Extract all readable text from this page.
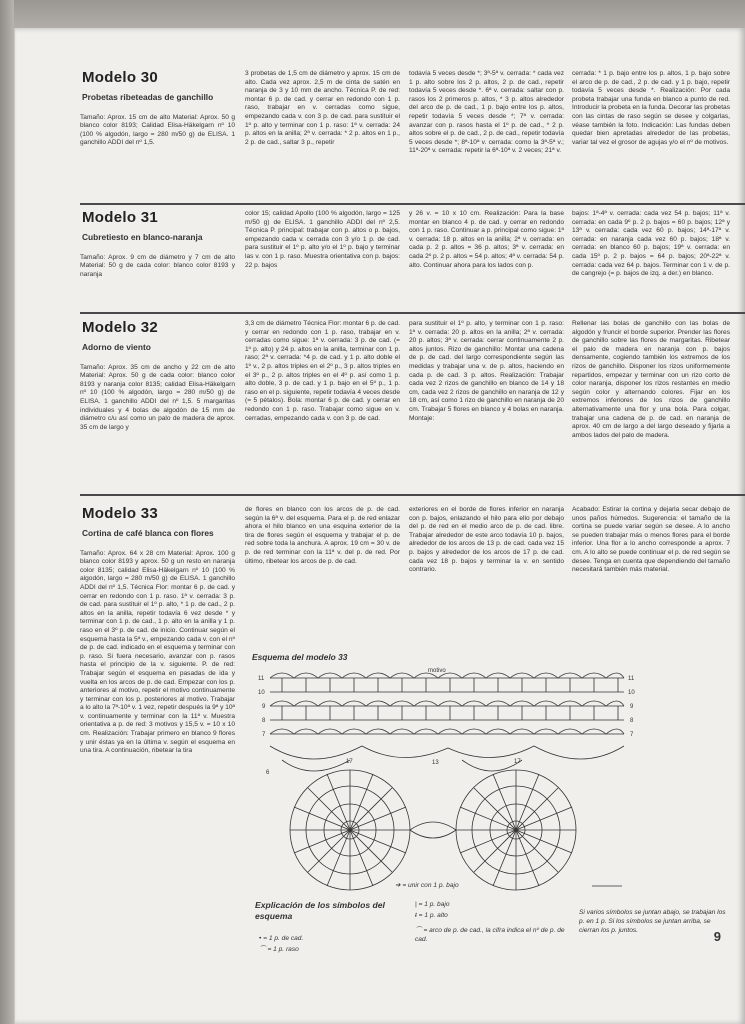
Modelo 30
Probetas ribeteadas de ganchillo

Tamaño: Aprox. 15 cm de alto Material: Aprox. 50 g blanco color 8193; Calidad Elisa-Häkelgarn nº 10 (100 % algodón, largo = 280 m/50 g) de ELISA. 1 ganchillo ADDI del nº 1,5.

3 probetas de 1,5 cm de diámetro y aprox. 15 cm de alto. Cada vez aprox. 2,5 m de cinta de satén en naranja de 3 y 10 mm de ancho. Técnica P. de red: montar 6 p. de cad. y cerrar en redondo con 1 p. raso, trabajar en v. cerradas como sigue, empezando cada v. con 3 p. de cad. para sustituir el 1º p. alto y terminar con 1 p. raso: 1ª v. cerrada: 24 p. altos en la anilla; 2ª v. cerrada: * 2 p. altos en 1 p., 2 p. de cad., saltar 3 p., repetir

todavía 5 veces desde *; 3ª-5ª v. cerrada: * cada vez 1 p. alto sobre los 2 p. altos, 2 p. de cad., repetir todavía 5 veces desde *. 6ª v. cerrada: saltar con p. rasos los 2 primeros p. altos, * 3 p. altos alrededor del arco de p. de cad., 1 p. bajo entre los p. altos, repetir todavía 5 veces desde *; 7ª v. cerrada: avanzar con p. rasos hasta el 1º p. de cad., * 2 p. altos sobre el p. de cad., 2 p. de cad., repetir todavía 5 veces desde *; 8ª-10ª v. cerrada: como la 3ª-5ª v.; 11ª-20ª v. cerrada: repetir la 6ª-10ª v. 2 veces; 21ª v.

cerrada: * 1 p. bajo entre los p. altos, 1 p. bajo sobre el arco de p. de cad., 2 p. de cad. y 1 p. bajo, repetir todavía 5 veces desde *. Realización: Por cada probeta trabajar una funda en blanco a punto de red. Introducir la probeta en la funda. Decorar las probetas con las cintas de raso según se desee y colgarlas, véase también la foto. Indicación: Las fundas deben quedar bien apretadas alrededor de las probetas, variar tal vez el grosor de agujas y/o el nº de motivos.

Modelo 31
Cubretiesto en blanco-naranja

Tamaño: Aprox. 9 cm de diámetro y 7 cm de alto Material: 50 g de cada color: blanco color 8193 y naranja

color 15; calidad Apollo (100 % algodón, largo = 125 m/50 g) de ELISA. 1 ganchillo ADDI del nº 2,5. Técnica P. principal: trabajar con p. altos o p. bajos, empezando cada v. cerrada con 3 y/o 1 p. de cad. para sustituir el 1º p. alto y/o el 1º p. bajo y terminar las v. con 1 p. raso. Muestra orientativa con p. bajos: 22 p. bajos

y 26 v. = 10 x 10 cm. Realización: Para la base montar en blanco 4 p. de cad. y cerrar en redondo con 1 p. raso. Continuar a p. principal como sigue: 1ª v. cerrada: 18 p. altos en la anilla; 2ª v. cerrada: en cada p. 2 p. altos = 36 p. altos; 3ª v. cerrada: en cada 2º p. 2 p. altos = 54 p. altos; 4ª v. cerrada: 54 p. alto. Continuar ahora para los lados con p.

bajos: 1ª-4ª v. cerrada: cada vez 54 p. bajos; 11ª v. cerrada: en cada 9º p. 2 p. bajos = 60 p. bajos; 12ª y 13ª v. cerrada: cada vez 60 p. bajos; 14ª-17ª v. cerrada: en naranja cada vez 60 p. bajos; 18ª v. cerrada: en blanco 60 p. bajos; 19ª v. cerrada: en cada 15º p. 2 p. bajos = 64 p. bajos; 20ª-22ª v. cerrada: cada vez 64 p. bajos. Terminar con 1 v. de p. de cangrejo (= p. bajos de izq. a der.) en blanco.

Modelo 32
Adorno de viento

Tamaño: Aprox. 35 cm de ancho y 22 cm de alto Material: Aprox. 50 g de cada color: blanco color 8193 y naranja color 8135; calidad Elisa-Häkelgarn nº 10 (100 % algodón, largo = 280 m/50 g) de ELISA. 1 ganchillo ADDI del nº 1,5. 5 margaritas individuales y 4 bolas de algodón de 15 mm de diámetro c/u así como un palo de madera de aprox. 35 cm de largo y

3,3 cm de diámetro Técnica Flor: montar 6 p. de cad. y cerrar en redondo con 1 p. raso, trabajar en v. cerradas como sigue: 1ª v. cerrada: 3 p. de cad. (= 1º p. alto) y 24 p. altos en la anilla, terminar con 1 p. raso; 2ª v. cerrada: *4 p. de cad. y 1 p. alto doble el 1º v., 2 p. altos triples en el 2º p., 3 p. altos triples en el 3º p., 2 p. altos triples en el 4º p. así como 1 p. alto doble, 3 p. de cad. y 1 p. bajo en el 5º p., 1 p. raso en el p. siguiente, repetir todavía 4 veces desde (= 5 pétalos). Bola: montar 6 p. de cad. y cerrar en redondo con 1 p. raso. Trabajar como sigue en v. cerradas, empezando cada v. con 3 p. de cad.

para sustituir el 1º p. alto, y terminar con 1 p. raso: 1ª v. cerrada: 20 p. altos en la anilla; 2ª v. cerrada: 20 p. altos; 3ª v. cerrada: cerrar continuamente 2 p. altos juntos. Rizo de ganchillo: Montar una cadena de p. de cad. del largo correspondiente según las medidas y trabajar una v. de p. altos, haciendo en cada p. de cad. 3 p. altos. Realización: Trabajar cada vez 2 rizos de ganchillo en blanco de 14 y 18 cm, cada vez 2 rizos de ganchillo en naranja de 12 y 18 cm, así como 1 rizo de ganchillo en naranja de 20 cm. Trabajar 5 flores en blanco y 4 bolas en naranja. Montaje:

Rellenar las bolas de ganchillo con las bolas de algodón y fruncir el borde superior. Prender las flores de ganchillo sobre las flores de margaritas. Ribetear el palo de madera en naranja con p. bajos densamente, cogiendo también los extremos de los rizos de ganchillo. Disponer los rizos uniformemente repartidos, empezar y terminar con un rizo corto de color naranja, disponer los rizos restantes en medio según color y alternando colores. Fijar en los extremos inferiores de los rizos de ganchillo alternativamente una flor y una bola. Para colgar, trabajar una cadena de p. de cad. en naranja de aprox. 40 cm de largo a del largo deseado y fijarla a ambos lados del palo de madera.

Modelo 33
Cortina de café blanca con flores

Tamaño: Aprox. 64 x 28 cm Material: Aprox. 100 g blanco color 8193 y aprox. 50 g un resto en naranja color 8135; calidad Elisa-Häkelgarn nº 10 (100 % algodón, largo = 280 m/50 g) de ELISA. 1 ganchillo ADDI del nº 1,5. Técnica Flor: montar 6 p. de cad. y cerrar en redondo con 1 p. raso. 1ª v. cerrada: 3 p. de cad. para sustituir el 1º p. alto, * 1 p. de cad., 2 p. altos en la anilla, repetir todavía 6 vez desde * y terminar con 1 p. de cad., 1 p. alto en la anilla y 1 p. raso en el 3º p. de cad. de inicio. Continuar según el esquema hasta la 5ª v., empezando cada v. con el nº de p. de cad. indicado en el esquema y terminar con p. raso. Si fuera necesario, avanzar con p. rasos hasta el principio de la v. siguiente. P. de red: Trabajar según el esquema en pasadas de ida y vuelta en los arcos de p. de cad. Empezar con los p. anteriores al motivo, repetir el motivo continuamente y terminar con los p. posteriores al motivo. Trabajar a lo alto la 7ª-10ª v. 1 vez, repetir después la 9ª y 10ª v. continuamente y terminar con la 11ª v. Muestra orientativa a p. de red: 3 motivos y 15,5 v. = 10 x 10 cm. Realización: Trabajar primero en blanco 9 flores y unir éstas ya en la última v. según el esquema en una tira. A continuación, ribetear la tira

de flores en blanco con los arcos de p. de cad. según la 6ª v. del esquema. Para el p. de red enlazar ahora el hilo blanco en una esquina exterior de la tira de flores según el esquema y trabajar el p. de red sobre toda la anchura. A aprox. 19 cm = 30 v. de p. de red terminar con la 11ª v. del p. de red. Por último, ribetear los arcos de p. de cad.

exteriores en el borde de flores inferior en naranja con p. bajos, enlazando el hilo para ello por debajo del p. de red en el medio arco de p. de cad. libre. Trabajar alrededor de este arco todavía 10 p. bajos, alrededor de los arcos de 13 p. de cad. cada vez 15 p. bajos y alrededor de los arcos de 17 p. de cad. cada vez 18 p. bajos y terminar la v. en sentido contrario.

Acabado: Estirar la cortina y dejarla secar debajo de unos paños húmedos. Sugerencia: el tamaño de la cortina se puede variar según se desee. A lo ancho se pueden trabajar más o menos flores para el borde inferior. Una flor a lo ancho corresponde a aprox. 7 cm. A lo alto se puede continuar el p. de red según se desee. Tenga en cuenta que dependiendo del tamaño necesitará también más material.

Esquema del modelo 33
11
10
9
8
7
11
10
9
8
7
6
17	13	17
motivo
➔ = unir con 1 p. bajo
Explicación de los símbolos del esquema
• = 1 p. de cad.
⌒ = 1 p. raso
| = 1 p. bajo
ŧ = 1 p. alto
⌒ = arco de p. de cad., la cifra indica el nº de p. de cad.
Si varios símbolos se juntan abajo, se trabajan los p. en 1 p. Si los símbolos se juntan arriba, se cierran los p. juntos.	9
